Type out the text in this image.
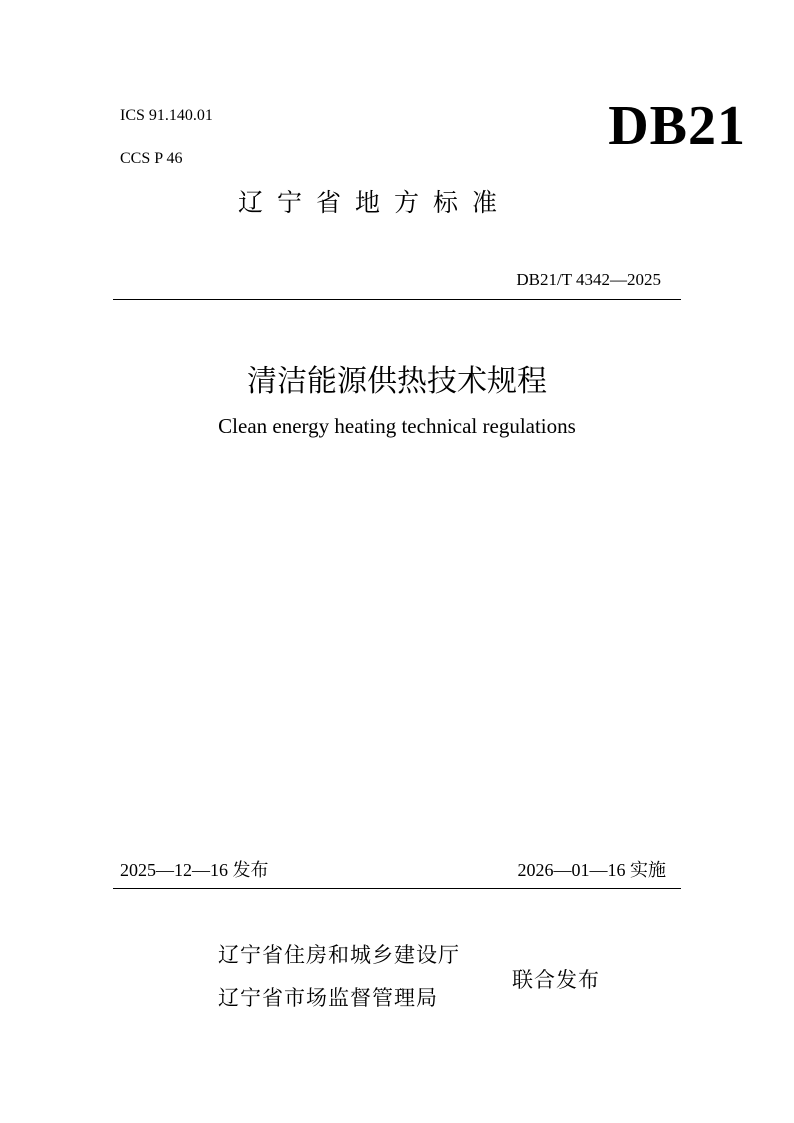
ICS 91.140.01
CCS P 46
DB21
辽宁省地方标准
DB21/T 4342—2025
清洁能源供热技术规程
Clean energy heating technical regulations
2025—12—16 发布	2026—01—16 实施
辽宁省住房和城乡建设厅
辽宁省市场监督管理局
联合发布
